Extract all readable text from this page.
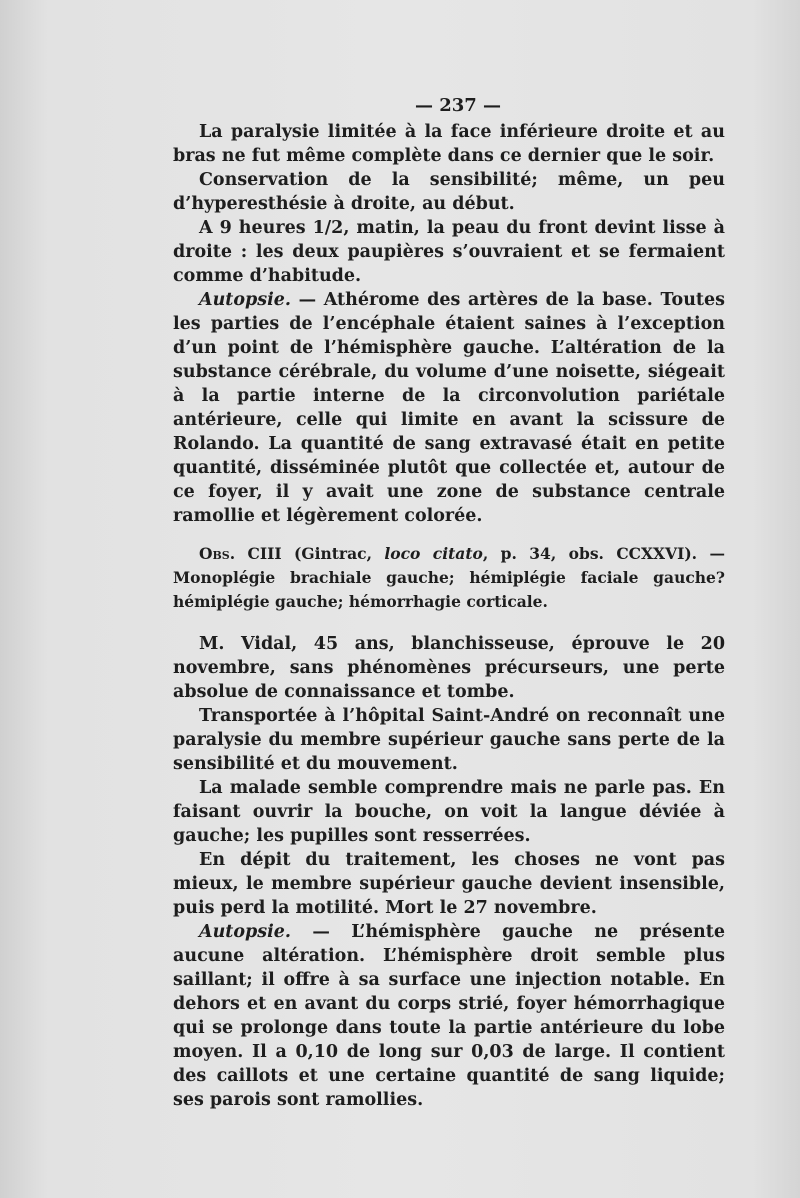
— 237 —

La paralysie limitée à la face inférieure droite et au bras ne fut même complète dans ce dernier que le soir.

Conservation de la sensibilité; même, un peu d’hyperesthésie à droite, au début.

A 9 heures 1/2, matin, la peau du front devint lisse à droite : les deux paupières s’ouvraient et se fermaient comme d’habitude.

Autopsie. — Athérome des artères de la base. Toutes les parties de l’encéphale étaient saines à l’exception d’un point de l’hémisphère gauche. L’altération de la substance cérébrale, du volume d’une noisette, siégeait à la partie interne de la circonvolution pariétale antérieure, celle qui limite en avant la scissure de Rolando. La quantité de sang extravasé était en petite quantité, disséminée plutôt que collectée et, autour de ce foyer, il y avait une zone de substance centrale ramollie et légèrement colorée.

Obs. CIII (Gintrac, loco citato, p. 34, obs. CCXXVI). — Monoplégie brachiale gauche; hémiplégie faciale gauche? hémiplégie gauche; hémorrhagie corticale.

M. Vidal, 45 ans, blanchisseuse, éprouve le 20 novembre, sans phénomènes précurseurs, une perte absolue de connaissance et tombe.

Transportée à l’hôpital Saint-André on reconnaît une paralysie du membre supérieur gauche sans perte de la sensibilité et du mouvement.

La malade semble comprendre mais ne parle pas. En faisant ouvrir la bouche, on voit la langue déviée à gauche; les pupilles sont resserrées.

En dépit du traitement, les choses ne vont pas mieux, le membre supérieur gauche devient insensible, puis perd la motilité. Mort le 27 novembre.

Autopsie. — L’hémisphère gauche ne présente aucune altération. L’hémisphère droit semble plus saillant; il offre à sa surface une injection notable. En dehors et en avant du corps strié, foyer hémorrhagique qui se prolonge dans toute la partie antérieure du lobe moyen. Il a 0,10 de long sur 0,03 de large. Il contient des caillots et une certaine quantité de sang liquide; ses parois sont ramollies.
